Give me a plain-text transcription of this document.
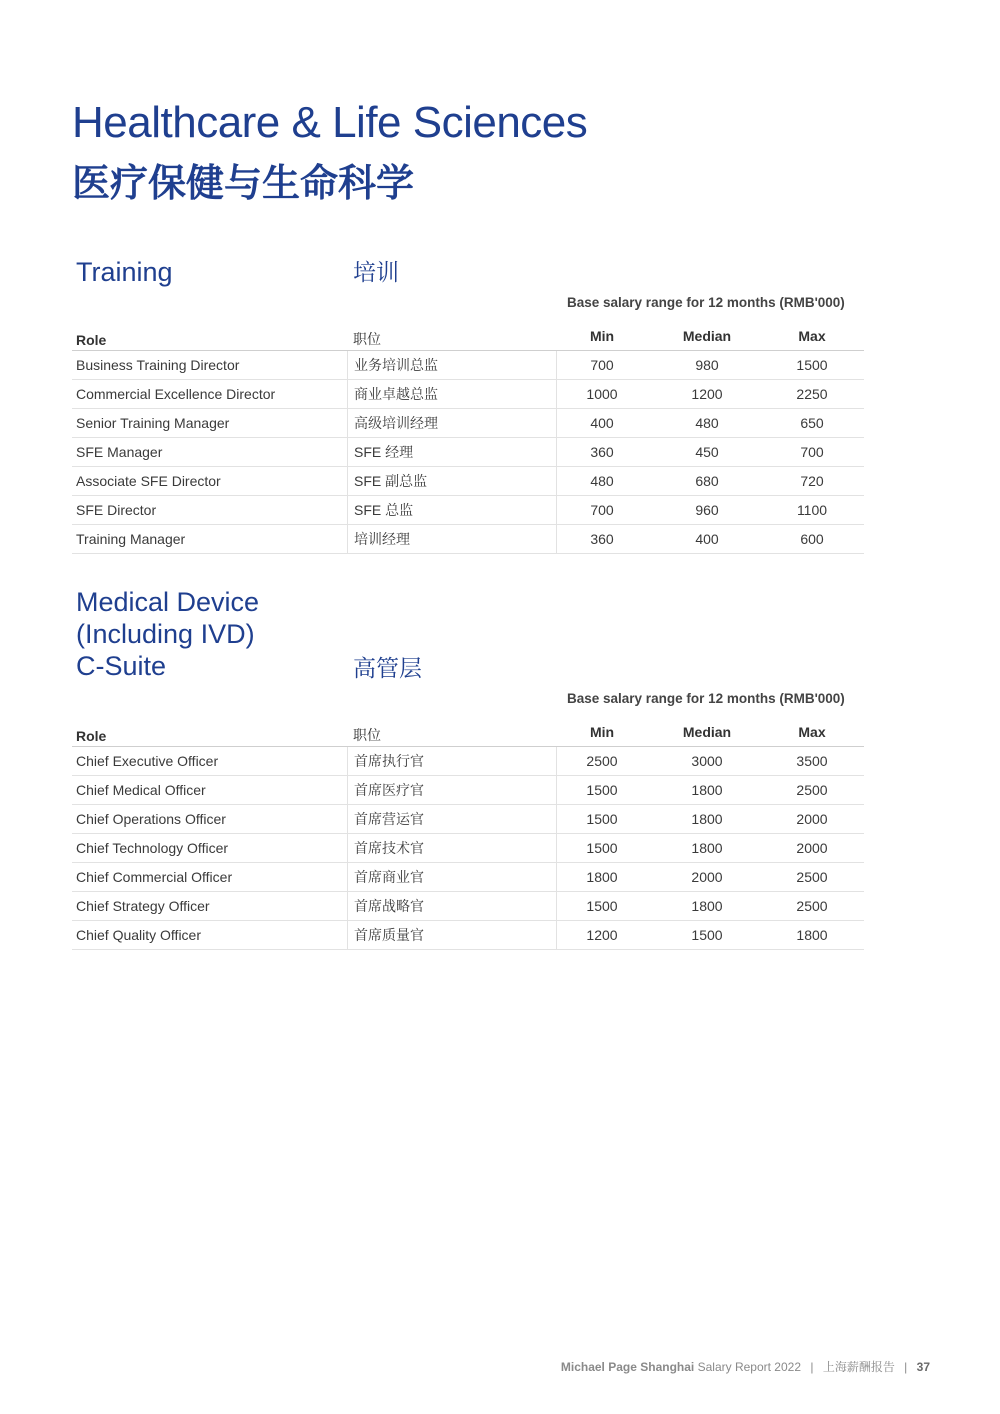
Healthcare & Life Sciences
医疗保健与生命科学
Training	培训
Base salary range for 12 months (RMB'000)
Role	职位	Min	Median	Max
Business Training Director	业务培训总监	700	980	1500
Commercial Excellence Director	商业卓越总监	1000	1200	2250
Senior Training Manager	高级培训经理	400	480	650
SFE Manager	SFE 经理	360	450	700
Associate SFE Director	SFE 副总监	480	680	720
SFE Director	SFE 总监	700	960	1100
Training Manager	培训经理	360	400	600
Medical Device
(Including IVD)
C-Suite	高管层
Base salary range for 12 months (RMB'000)
Role	职位	Min	Median	Max
Chief Executive Officer	首席执行官	2500	3000	3500
Chief Medical Officer	首席医疗官	1500	1800	2500
Chief Operations Officer	首席营运官	1500	1800	2000
Chief Technology Officer	首席技术官	1500	1800	2000
Chief Commercial Officer	首席商业官	1800	2000	2500
Chief Strategy Officer	首席战略官	1500	1800	2500
Chief Quality Officer	首席质量官	1200	1500	1800
Michael Page Shanghai Salary Report 2022 | 上海薪酬报告 | 37
